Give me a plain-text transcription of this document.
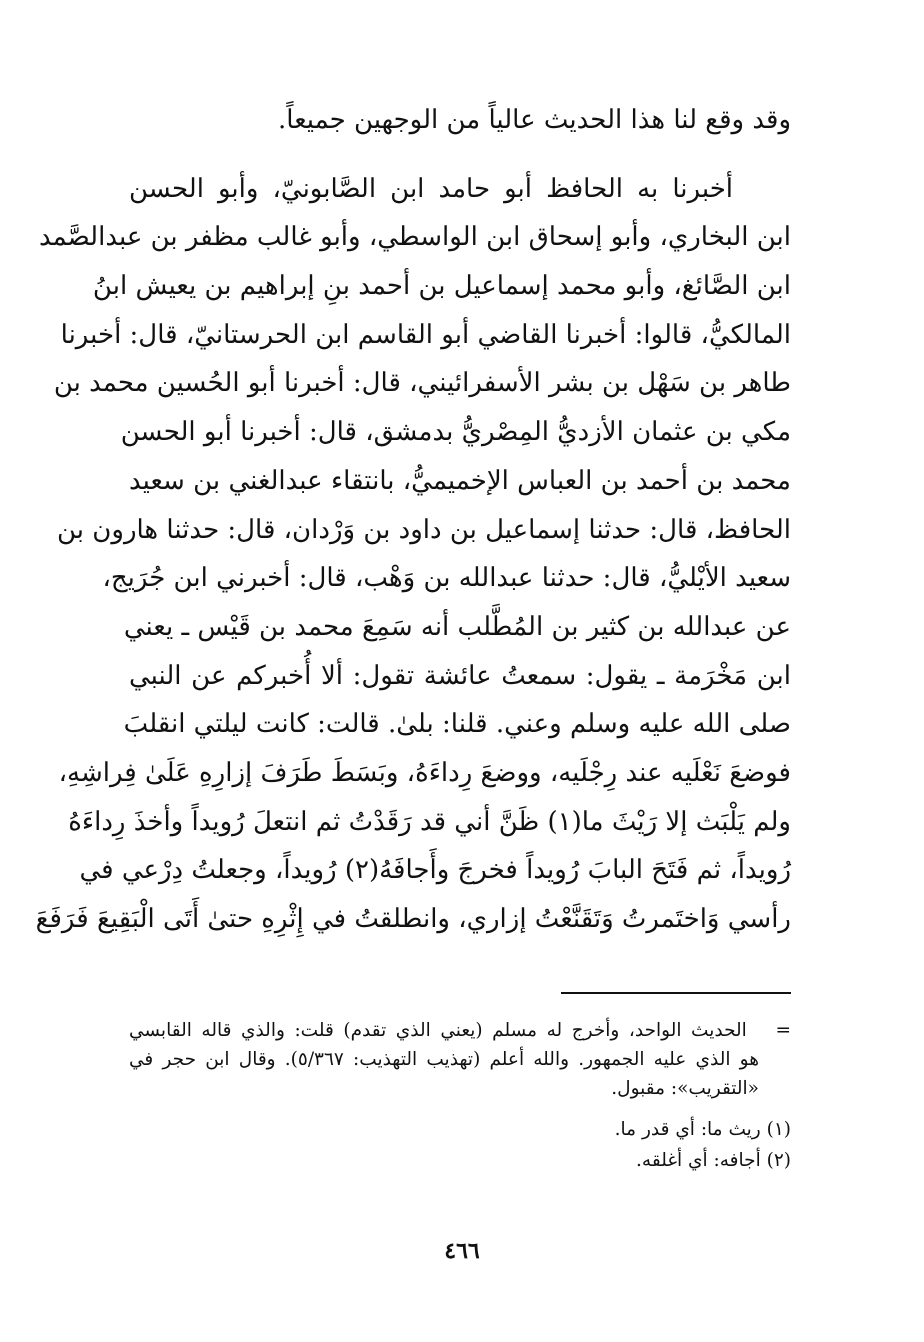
وقد وقع لنا هذا الحديث عالياً من الوجهين جميعاً.
أخبرنا به الحافظ أبو حامد ابن الصَّابونيّ، وأبو الحسن
ابن البخاري، وأبو إسحاق ابن الواسطي، وأبو غالب مظفر بن عبدالصَّمد
ابن الصَّائغ، وأبو محمد إسماعيل بن أحمد بنِ إبراهيم بن يعيش ابنُ
المالكيُّ، قالوا: أخبرنا القاضي أبو القاسم ابن الحرستانيّ، قال: أخبرنا
طاهر بن سَهْل بن بشر الأسفرائيني، قال: أخبرنا أبو الحُسين محمد بن
مكي بن عثمان الأزديُّ المِصْريُّ بدمشق، قال: أخبرنا أبو الحسن
محمد بن أحمد بن العباس الإخميميُّ، بانتقاء عبدالغني بن سعيد
الحافظ، قال: حدثنا إسماعيل بن داود بن وَرْدان، قال: حدثنا هارون بن
سعيد الأيْليُّ، قال: حدثنا عبدالله بن وَهْب، قال: أخبرني ابن جُرَيج،
عن عبدالله بن كثير بن المُطَّلب أنه سَمِعَ محمد بن قَيْس ـ يعني
ابن مَخْرَمة ـ يقول: سمعتُ عائشة تقول: ألا أُخبركم عن النبي
صلى الله عليه وسلم وعني. قلنا: بلىٰ. قالت: كانت ليلتي انقلبَ
فوضعَ نَعْلَيه عند رِجْلَيه، ووضعَ رِداءَهُ، وبَسَطَ طَرَفَ إزارِهِ عَلَىٰ فِراشِهِ،
ولم يَلْبَث إلا رَيْثَ ما(١) ظَنَّ أني قد رَقَدْتُ ثم انتعلَ رُويداً وأخذَ رِداءَهُ
رُويداً، ثم فَتَحَ البابَ رُويداً فخرجَ وأَجافَهُ(٢) رُويداً، وجعلتُ دِرْعي في
رأسي وَاختَمرتُ وَتَقَنَّعْتُ إزاري، وانطلقتُ في إِثْرِهِ حتىٰ أَتَى الْبَقِيعَ فَرَفَعَ
=   الحديث الواحد، وأخرج له مسلم (يعني الذي تقدم) قلت: والذي قاله القابسي
هو الذي عليه الجمهور. والله أعلم (تهذيب التهذيب: ٥/٣٦٧). وقال ابن حجر في
«التقريب»: مقبول.
(١) ريث ما: أي قدر ما.
(٢) أجافه: أي أغلقه.
٤٦٦
